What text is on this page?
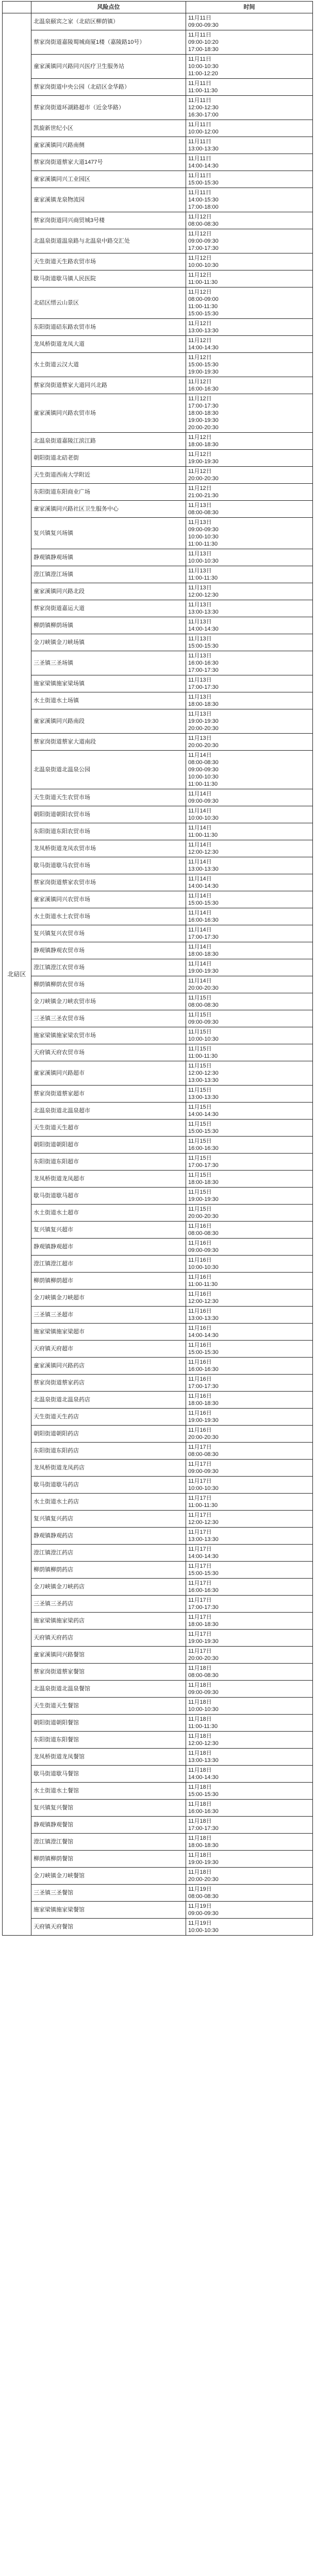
	风险点位	时间
北碚区	北温泉颐宾之家（北碚区柳荫镇）	11月11日
09:00-09:30
	蔡家岗街道嘉陵蜀城商厦1楼（嘉陵路10号）	11月11日
09:00-10:20
17:00-18:30
	童家溪镇同兴路同兴医疗卫生服务站	11月11日
10:00-10:30
11:00-12:20
	蔡家岗街道中央公园（北碚区金华路）	11月11日
11:00-11:30
	蔡家岗街道环湖路超市（近金华路）	11月11日
12:00-12:30
16:30-17:00
	凯旋新世纪小区	11月11日
10:00-12:00
	童家溪镇同兴路南侧	11月11日
13:00-13:30
	蔡家岗街道蔡家大道1477号	11月11日
14:00-14:30
	童家溪镇同兴工业园区	11月11日
15:00-15:30
	童家溪镇龙泉物流园	11月11日
14:00-15:30
17:00-18:00
	蔡家岗街道同兴商贸城3号楼	11月12日
08:00-08:30
	北温泉街道温泉路与北温泉中路交汇处	11月12日
09:00-09:30
17:00-17:30
	天生街道天生路农贸市场	11月12日
10:00-10:30
	歇马街道歇马镇人民医院	11月12日
11:00-11:30
	北碚区缙云山景区	11月12日
08:00-09:00
11:00-11:30
15:00-15:30
	东阳街道碚东路农贸市场	11月12日
13:00-13:30
	龙凤桥街道龙凤大道	11月12日
14:00-14:30
	水土街道云汉大道	11月12日
15:00-15:30
19:00-19:30
	蔡家岗街道蔡家大道同兴北路	11月12日
16:00-16:30
	童家溪镇同兴路农贸市场	11月12日
17:00-17:30
18:00-18:30
19:00-19:30
20:00-20:30
	北温泉街道嘉陵江滨江路	11月12日
18:00-18:30
	朝阳街道北碚老街	11月12日
19:00-19:30
	天生街道西南大学附近	11月12日
20:00-20:30
	东阳街道东阳商业广场	11月12日
21:00-21:30
	童家溪镇同兴路社区卫生服务中心	11月13日
08:00-08:30
	复兴镇复兴场镇	11月13日
09:00-09:30
10:00-10:30
11:00-11:30
	静观镇静观场镇	11月13日
10:00-10:30
	澄江镇澄江场镇	11月13日
11:00-11:30
	童家溪镇同兴路北段	11月13日
12:00-12:30
	蔡家岗街道嘉运大道	11月13日
13:00-13:30
	柳荫镇柳荫场镇	11月13日
14:00-14:30
	金刀峡镇金刀峡场镇	11月13日
15:00-15:30
	三圣镇三圣场镇	11月13日
16:00-16:30
17:00-17:30
	施家梁镇施家梁场镇	11月13日
17:00-17:30
	水土街道水土场镇	11月13日
18:00-18:30
	童家溪镇同兴路南段	11月13日
19:00-19:30
20:00-20:30
	蔡家岗街道蔡家大道南段	11月13日
20:00-20:30
	北温泉街道北温泉公园	11月14日
08:00-08:30
09:00-09:30
10:00-10:30
11:00-11:30
	天生街道天生农贸市场	11月14日
09:00-09:30
	朝阳街道朝阳农贸市场	11月14日
10:00-10:30
	东阳街道东阳农贸市场	11月14日
11:00-11:30
	龙凤桥街道龙凤农贸市场	11月14日
12:00-12:30
	歇马街道歇马农贸市场	11月14日
13:00-13:30
	蔡家岗街道蔡家农贸市场	11月14日
14:00-14:30
	童家溪镇同兴农贸市场	11月14日
15:00-15:30
	水土街道水土农贸市场	11月14日
16:00-16:30
	复兴镇复兴农贸市场	11月14日
17:00-17:30
	静观镇静观农贸市场	11月14日
18:00-18:30
	澄江镇澄江农贸市场	11月14日
19:00-19:30
	柳荫镇柳荫农贸市场	11月14日
20:00-20:30
	金刀峡镇金刀峡农贸市场	11月15日
08:00-08:30
	三圣镇三圣农贸市场	11月15日
09:00-09:30
	施家梁镇施家梁农贸市场	11月15日
10:00-10:30
	天府镇天府农贸市场	11月15日
11:00-11:30
	童家溪镇同兴路超市	11月15日
12:00-12:30
13:00-13:30
	蔡家岗街道蔡家超市	11月15日
13:00-13:30
	北温泉街道北温泉超市	11月15日
14:00-14:30
	天生街道天生超市	11月15日
15:00-15:30
	朝阳街道朝阳超市	11月15日
16:00-16:30
	东阳街道东阳超市	11月15日
17:00-17:30
	龙凤桥街道龙凤超市	11月15日
18:00-18:30
	歇马街道歇马超市	11月15日
19:00-19:30
	水土街道水土超市	11月15日
20:00-20:30
	复兴镇复兴超市	11月16日
08:00-08:30
	静观镇静观超市	11月16日
09:00-09:30
	澄江镇澄江超市	11月16日
10:00-10:30
	柳荫镇柳荫超市	11月16日
11:00-11:30
	金刀峡镇金刀峡超市	11月16日
12:00-12:30
	三圣镇三圣超市	11月16日
13:00-13:30
	施家梁镇施家梁超市	11月16日
14:00-14:30
	天府镇天府超市	11月16日
15:00-15:30
	童家溪镇同兴路药店	11月16日
16:00-16:30
	蔡家岗街道蔡家药店	11月16日
17:00-17:30
	北温泉街道北温泉药店	11月16日
18:00-18:30
	天生街道天生药店	11月16日
19:00-19:30
	朝阳街道朝阳药店	11月16日
20:00-20:30
	东阳街道东阳药店	11月17日
08:00-08:30
	龙凤桥街道龙凤药店	11月17日
09:00-09:30
	歇马街道歇马药店	11月17日
10:00-10:30
	水土街道水土药店	11月17日
11:00-11:30
	复兴镇复兴药店	11月17日
12:00-12:30
	静观镇静观药店	11月17日
13:00-13:30
	澄江镇澄江药店	11月17日
14:00-14:30
	柳荫镇柳荫药店	11月17日
15:00-15:30
	金刀峡镇金刀峡药店	11月17日
16:00-16:30
	三圣镇三圣药店	11月17日
17:00-17:30
	施家梁镇施家梁药店	11月17日
18:00-18:30
	天府镇天府药店	11月17日
19:00-19:30
	童家溪镇同兴路餐馆	11月17日
20:00-20:30
	蔡家岗街道蔡家餐馆	11月18日
08:00-08:30
	北温泉街道北温泉餐馆	11月18日
09:00-09:30
	天生街道天生餐馆	11月18日
10:00-10:30
	朝阳街道朝阳餐馆	11月18日
11:00-11:30
	东阳街道东阳餐馆	11月18日
12:00-12:30
	龙凤桥街道龙凤餐馆	11月18日
13:00-13:30
	歇马街道歇马餐馆	11月18日
14:00-14:30
	水土街道水土餐馆	11月18日
15:00-15:30
	复兴镇复兴餐馆	11月18日
16:00-16:30
	静观镇静观餐馆	11月18日
17:00-17:30
	澄江镇澄江餐馆	11月18日
18:00-18:30
	柳荫镇柳荫餐馆	11月18日
19:00-19:30
	金刀峡镇金刀峡餐馆	11月18日
20:00-20:30
	三圣镇三圣餐馆	11月19日
08:00-08:30
	施家梁镇施家梁餐馆	11月19日
09:00-09:30
	天府镇天府餐馆	11月19日
10:00-10:30
